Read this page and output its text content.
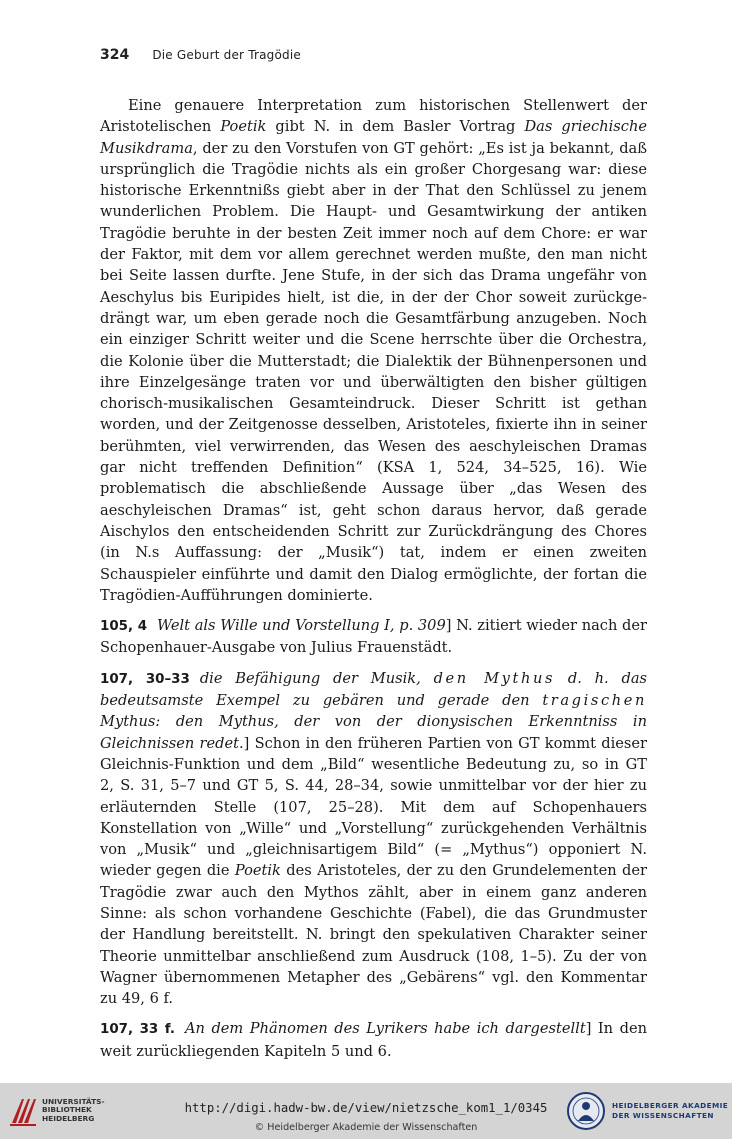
324 Die Geburt der Tragödie

Eine genauere Interpretation zum historischen Stellenwert der Aristotelischen Poetik gibt N. in dem Basler Vortrag Das griechische Musikdrama, der zu den Vorstufen von GT gehört: „Es ist ja bekannt, daß ursprünglich die Tragödie nichts als ein großer Chorgesang war: diese historische Erkenntnißs giebt aber in der That den Schlüssel zu jenem wunderlichen Problem. Die Haupt- und Gesamtwirkung der antiken Tragödie beruhte in der besten Zeit immer noch auf dem Chore: er war der Faktor, mit dem vor allem gerechnet werden mußte, den man nicht bei Seite lassen durfte. Jene Stufe, in der sich das Drama ungefähr von Aeschylus bis Euripides hielt, ist die, in der der Chor soweit zurückgedrängt war, um eben gerade noch die Gesamtfärbung anzugeben. Noch ein einziger Schritt weiter und die Scene herrschte über die Orchestra, die Kolonie über die Mutterstadt; die Dialektik der Bühnenpersonen und ihre Einzelgesänge traten vor und überwältigten den bisher gültigen chorisch-musikalischen Gesamteindruck. Dieser Schritt ist gethan worden, und der Zeitgenosse desselben, Aristoteles, fixierte ihn in seiner berühmten, viel verwirrenden, das Wesen des aeschyleischen Dramas gar nicht treffenden Definition“ (KSA 1, 524, 34–525, 16). Wie problematisch die abschließende Aussage über „das Wesen des aeschyleischen Dramas“ ist, geht schon daraus hervor, daß gerade Aischylos den entscheidenden Schritt zur Zurückdrängung des Chores (in N.s Auffassung: der „Musik“) tat, indem er einen zweiten Schauspieler einführte und damit den Dialog ermöglichte, der fortan die Tragödien-Aufführungen dominierte.

105, 4 Welt als Wille und Vorstellung I, p. 309] N. zitiert wieder nach der Schopenhauer-Ausgabe von Julius Frauenstädt.

107, 30–33 die Befähigung der Musik, den Mythus d. h. das bedeutsamste Exempel zu gebären und gerade den tragischen Mythus: den Mythus, der von der dionysischen Erkenntniss in Gleichnissen redet.] Schon in den früheren Partien von GT kommt dieser Gleichnis-Funktion und dem „Bild“ wesentliche Bedeutung zu, so in GT 2, S. 31, 5–7 und GT 5, S. 44, 28–34, sowie unmittelbar vor der hier zu erläuternden Stelle (107, 25–28). Mit dem auf Schopenhauers Konstellation von „Wille“ und „Vorstellung“ zurückgehenden Verhältnis von „Musik“ und „gleichnisartigem Bild“ (= „Mythus“) opponiert N. wieder gegen die Poetik des Aristoteles, der zu den Grundelementen der Tragödie zwar auch den Mythos zählt, aber in einem ganz anderen Sinne: als schon vorhandene Geschichte (Fabel), die das Grundmuster der Handlung bereitstellt. N. bringt den spekulativen Charakter seiner Theorie unmittelbar anschließend zum Ausdruck (108, 1–5). Zu der von Wagner übernommenen Metapher des „Gebärens“ vgl. den Kommentar zu 49, 6 f.

107, 33 f. An dem Phänomen des Lyrikers habe ich dargestellt] In den weit zurückliegenden Kapiteln 5 und 6.

UNIVERSITÄTS-
BIBLIOTHEK
HEIDELBERG
http://digi.hadw-bw.de/view/nietzsche_kom1_1/0345
© Heidelberger Akademie der Wissenschaften
HEIDELBERGER AKADEMIE
DER WISSENSCHAFTEN
